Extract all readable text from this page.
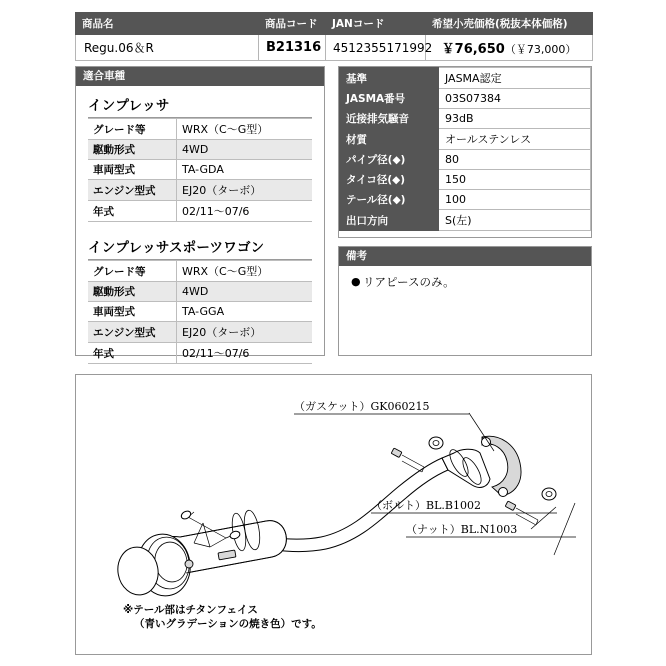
商品名	商品コード	JANコード	希望小売価格(税抜本体価格)
Regu.06＆R	B21316	4512355171992	￥76,650（￥73,000）
適合車種
インプレッサ
グレード等	WRX（C〜G型）
駆動形式	4WD
車両型式	TA-GDA
エンジン型式	EJ20（ターボ）
年式	02/11〜07/6
インプレッサスポーツワゴン
グレード等	WRX（C〜G型）
駆動形式	4WD
車両型式	TA-GGA
エンジン型式	EJ20（ターボ）
年式	02/11〜07/6
基準	JASMA認定
JASMA番号	03S07384
近接排気騒音	93dB
材質	オールステンレス
パイプ径(◆)	80
タイコ径(◆)	150
テール径(◆)	100
出口方向	S(左)
備考
● リアピースのみ。
（ガスケット）GK060215
（ボルト）BL.B1002
（ナット）BL.N1003
※テール部はチタンフェイス
（青いグラデーションの焼き色）です。
